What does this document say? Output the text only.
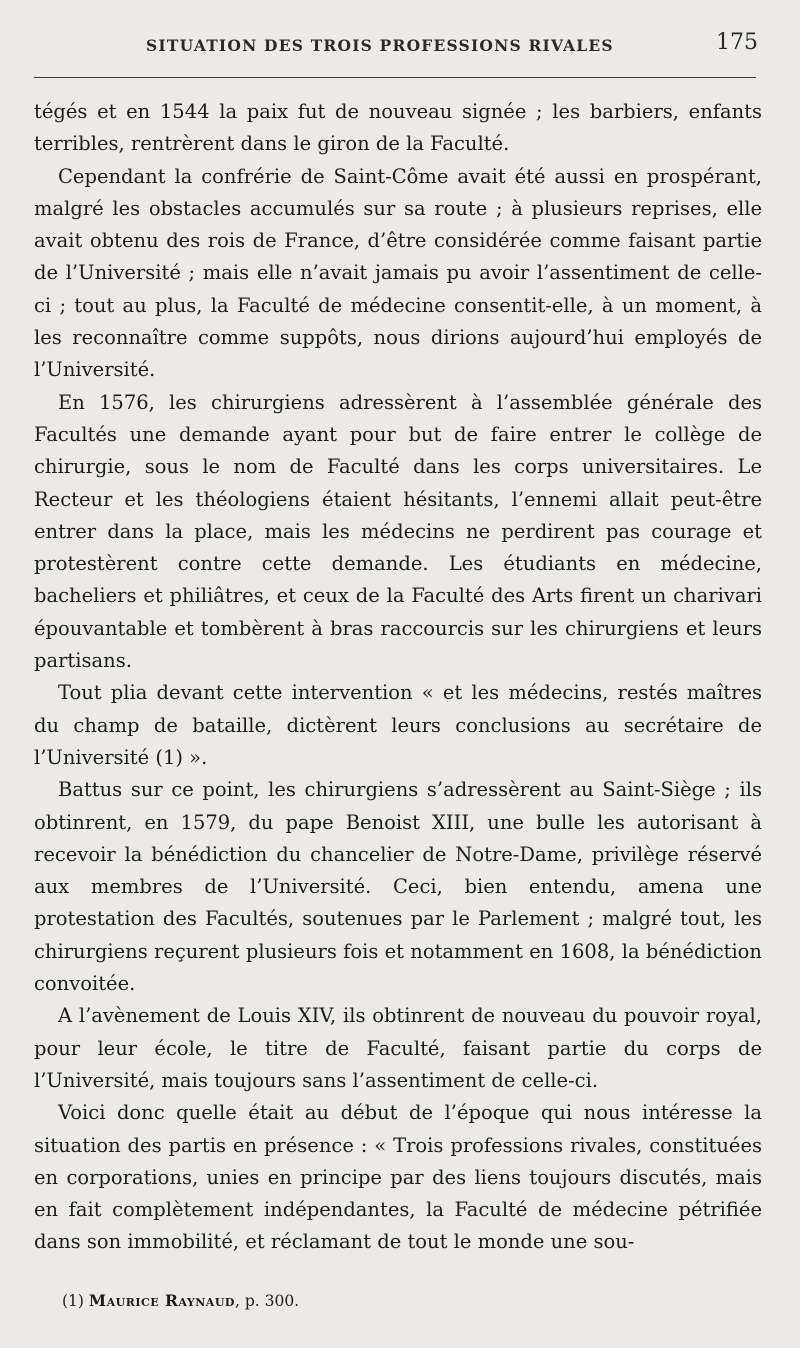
SITUATION DES TROIS PROFESSIONS RIVALES	175

tégés et en 1544 la paix fut de nouveau signée ; les barbiers, enfants terribles, rentrèrent dans le giron de la Faculté.

Cependant la confrérie de Saint-Côme avait été aussi en prospérant, malgré les obstacles accumulés sur sa route ; à plusieurs reprises, elle avait obtenu des rois de France, d’être considérée comme faisant partie de l’Université ; mais elle n’avait jamais pu avoir l’assentiment de celle-ci ; tout au plus, la Faculté de médecine consentit-elle, à un moment, à les reconnaître comme suppôts, nous dirions aujourd’hui employés de l’Université.

En 1576, les chirurgiens adressèrent à l’assemblée générale des Facultés une demande ayant pour but de faire entrer le collège de chirurgie, sous le nom de Faculté dans les corps universitaires. Le Recteur et les théologiens étaient hésitants, l’ennemi allait peut-être entrer dans la place, mais les médecins ne perdirent pas courage et protestèrent contre cette demande. Les étudiants en médecine, bacheliers et philiâtres, et ceux de la Faculté des Arts firent un charivari épouvantable et tombèrent à bras raccourcis sur les chirurgiens et leurs partisans.

Tout plia devant cette intervention « et les médecins, restés maîtres du champ de bataille, dictèrent leurs conclusions au secrétaire de l’Université (1) ».

Battus sur ce point, les chirurgiens s’adressèrent au Saint-Siège ; ils obtinrent, en 1579, du pape Benoist XIII, une bulle les autorisant à recevoir la bénédiction du chancelier de Notre-Dame, privilège réservé aux membres de l’Université. Ceci, bien entendu, amena une protestation des Facultés, soutenues par le Parlement ; malgré tout, les chirurgiens reçurent plusieurs fois et notamment en 1608, la bénédiction convoitée.

A l’avènement de Louis XIV, ils obtinrent de nouveau du pouvoir royal, pour leur école, le titre de Faculté, faisant partie du corps de l’Université, mais toujours sans l’assentiment de celle-ci.

Voici donc quelle était au début de l’époque qui nous intéresse la situation des partis en présence : « Trois professions rivales, constituées en corporations, unies en principe par des liens toujours discutés, mais en fait complètement indépendantes, la Faculté de médecine pétrifiée dans son immobilité, et réclamant de tout le monde une sou-

(1) Maurice Raynaud, p. 300.
